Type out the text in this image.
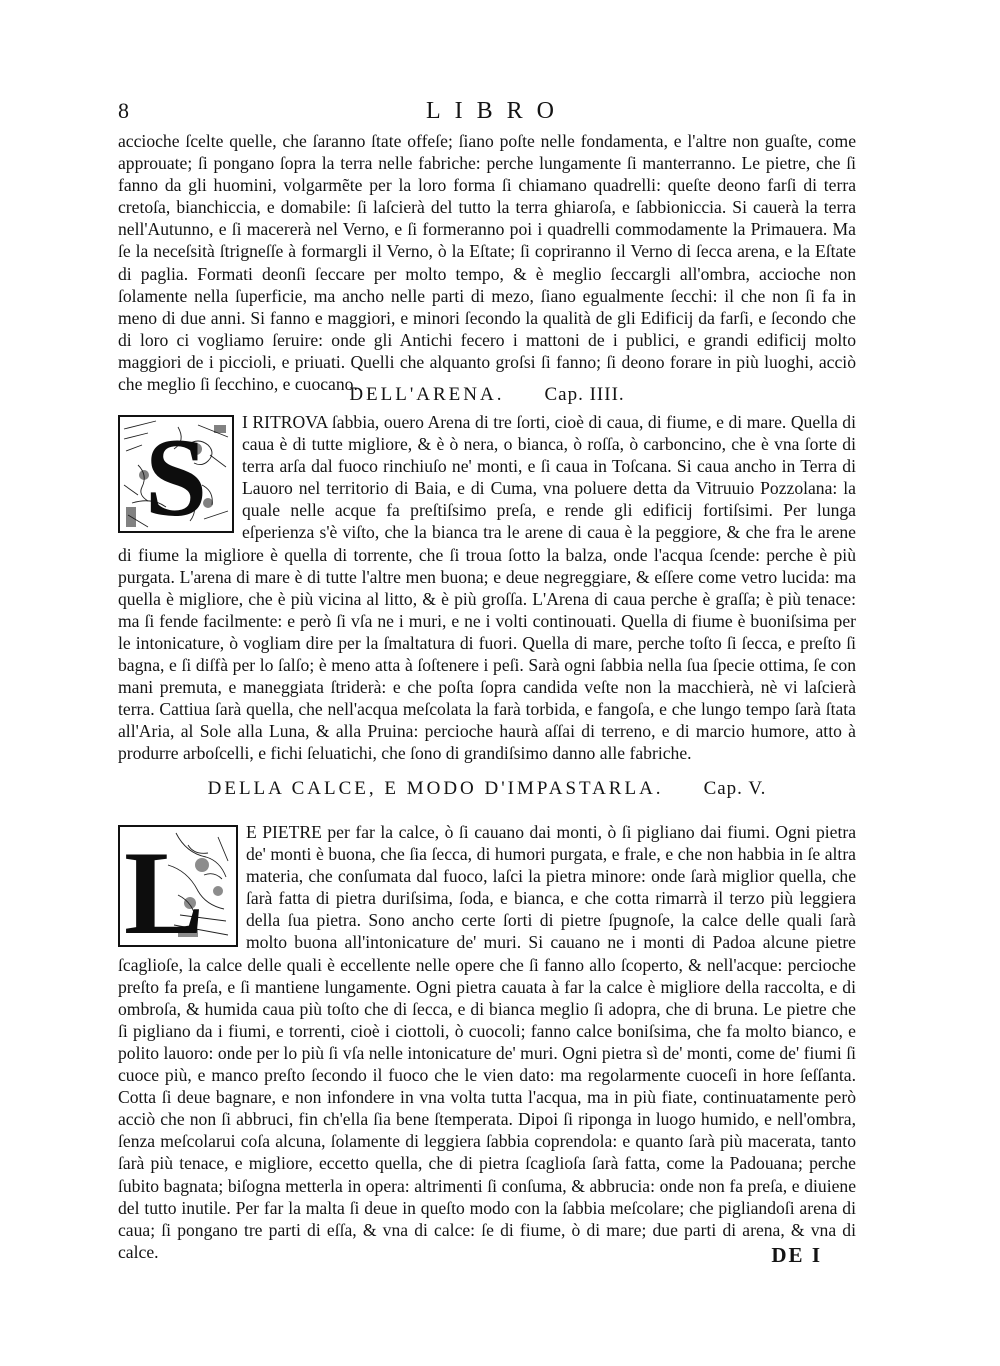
8	LIBRO

accioche ſcelte quelle, che ſaranno ſtate offeſe; ſiano poſte nelle fondamenta, e l'altre non guaſte, come approuate; ſi pongano ſopra la terra nelle fabriche: perche lungamente ſi manterranno. Le pietre, che ſi fanno da gli huomini, volgarmẽte per la loro forma ſi chiamano quadrelli: queſte deono farſi di terra cretoſa, bianchiccia, e domabile: ſi laſcierà del tutto la terra ghiaroſa, e ſabbioniccia. Si cauerà la terra nell'Autunno, e ſi macererà nel Verno, e ſi formeranno poi i quadrelli commodamente la Primauera. Ma ſe la neceſsità ſtrigneſſe à formargli il Verno, ò la Eſtate; ſi copriranno il Verno di ſecca arena, e la Eſtate di paglia. Formati deonſi ſeccare per molto tempo, & è meglio ſeccargli all'ombra, accioche non ſolamente nella ſuperficie, ma ancho nelle parti di mezo, ſiano egualmente ſecchi: il che non ſi fa in meno di due anni. Si fanno e maggiori, e minori ſecondo la qualità de gli Edificij da farſi, e ſecondo che di loro ci vogliamo ſeruire: onde gli Antichi fecero i mattoni de i publici, e grandi edificij molto maggiori de i piccioli, e priuati. Quelli che alquanto groſsi ſi fanno; ſi deono forare in più luoghi, acciò che meglio ſi ſecchino, e cuocano.

DELL'ARENA. Cap. IIII.
S I RITROVA ſabbia, ouero Arena di tre ſorti, cioè di caua, di fiume, e di mare. Quella di caua è di tutte migliore, & è ò nera, o bianca, ò roſſa, ò carboncino, che è vna ſorte di terra arſa dal fuoco rinchiuſo ne' monti, e ſi caua in Toſcana. Si caua ancho in Terra di Lauoro nel territorio di Baia, e di Cuma, vna poluere detta da Vitruuio Pozzolana: la quale nelle acque fa preſtiſsimo preſa, e rende gli edificij fortiſsimi. Per lunga eſperienza s'è viſto, che la bianca tra le arene di caua è la peggiore, & che fra le arene di fiume la migliore è quella di torrente, che ſi troua ſotto la balza, onde l'acqua ſcende: perche è più purgata. L'arena di mare è di tutte l'altre men buona; e deue negreggiare, & eſſere come vetro lucida: ma quella è migliore, che è più vicina al litto, & è più groſſa. L'Arena di caua perche è graſſa; è più tenace: ma ſi fende facilmente: e però ſi vſa ne i muri, e ne i volti continouati. Quella di fiume è buoniſsima per le intonicature, ò vogliam dire per la ſmaltatura di fuori. Quella di mare, perche toſto ſi ſecca, e preſto ſi bagna, e ſi diſfà per lo ſalſo; è meno atta à ſoſtenere i peſi. Sarà ogni ſabbia nella ſua ſpecie ottima, ſe con mani premuta, e maneggiata ſtriderà: e che poſta ſopra candida veſte non la macchierà, nè vi laſcierà terra. Cattiua ſarà quella, che nell'acqua meſcolata la farà torbida, e fangoſa, e che lungo tempo ſarà ſtata all'Aria, al Sole alla Luna, & alla Pruina: percioche haurà aſſai di terreno, e di marcio humore, atto à produrre arboſcelli, e fichi ſeluatichi, che ſono di grandiſsimo danno alle fabriche.
DELLA CALCE, E MODO D'IMPASTARLA. Cap. V.
L E PIETRE per far la calce, ò ſi cauano dai monti, ò ſi pigliano dai fiumi. Ogni pietra de' monti è buona, che ſia ſecca, di humori purgata, e frale, e che non habbia in ſe altra materia, che conſumata dal fuoco, laſci la pietra minore: onde ſarà miglior quella, che ſarà fatta di pietra duriſsima, ſoda, e bianca, e che cotta rimarrà il terzo più leggiera della ſua pietra. Sono ancho certe ſorti di pietre ſpugnoſe, la calce delle quali ſarà molto buona all'intonicature de' muri. Si cauano ne i monti di Padoa alcune pietre ſcaglioſe, la calce delle quali è eccellente nelle opere che ſi fanno allo ſcoperto, & nell'acque: percioche preſto fa preſa, e ſi mantiene lungamente. Ogni pietra cauata à far la calce è migliore della raccolta, e di ombroſa, & humida caua più toſto che di ſecca, e di bianca meglio ſi adopra, che di bruna. Le pietre che ſi pigliano da i fiumi, e torrenti, cioè i ciottoli, ò cuocoli; fanno calce boniſsima, che fa molto bianco, e polito lauoro: onde per lo più ſi vſa nelle intonicature de' muri. Ogni pietra sì de' monti, come de' fiumi ſi cuoce più, e manco preſto ſecondo il fuoco che le vien dato: ma regolarmente cuoceſi in hore ſeſſanta. Cotta ſi deue bagnare, e non infondere in vna volta tutta l'acqua, ma in più fiate, continuatamente però acciò che non ſi abbruci, fin ch'ella ſia bene ſtemperata. Dipoi ſi riponga in luogo humido, e nell'ombra, ſenza meſcolarui coſa alcuna, ſolamente di leggiera ſabbia coprendola: e quanto ſarà più macerata, tanto ſarà più tenace, e migliore, eccetto quella, che di pietra ſcaglioſa ſarà fatta, come la Padouana; perche ſubito bagnata; biſogna metterla in opera: altrimenti ſi conſuma, & abbrucia: onde non fa preſa, e diuiene del tutto inutile. Per far la malta ſi deue in queſto modo con la ſabbia meſcolare; che pigliandoſi arena di caua; ſi pongano tre parti di eſſa, & vna di calce: ſe di fiume, ò di mare; due parti di arena, & vna di calce.	DE I
